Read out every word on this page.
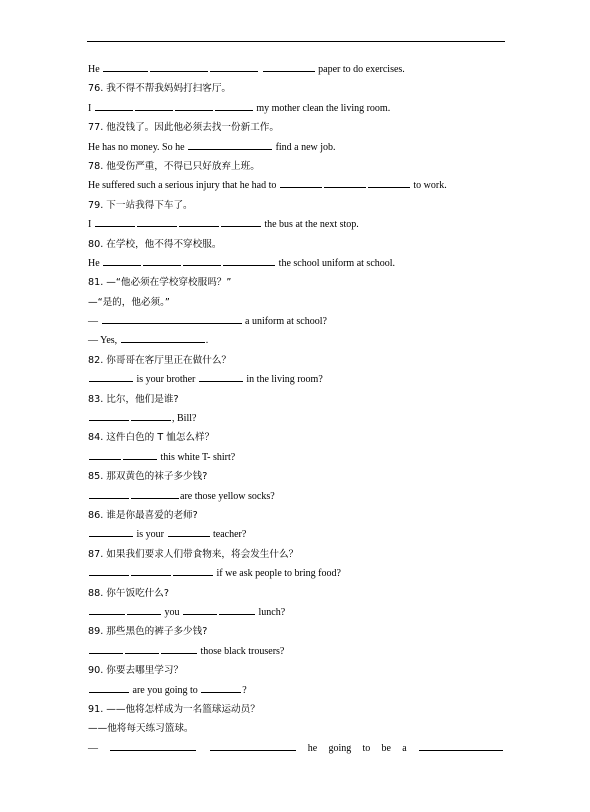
He	paper to do exercises.
76. 我不得不帮我妈妈打扫客厅。
I	my mother clean the living room.
77. 他没钱了。因此他必须去找一份新工作。
He has no money. So he	find a new job.
78. 他受伤严重，不得已只好放弃上班。
He suffered such a serious injury that he had to	to work.
79. 下一站我得下车了。
I	the bus at the next stop.
80. 在学校，他不得不穿校服。
He	the school uniform at school.
81. —“他必须在学校穿校服吗？”
—“是的，他必须。”
—	a uniform at school?
— Yes,	.
82. 你哥哥在客厅里正在做什么？
is your brother	in the living room?
83. 比尔，他们是谁?
, Bill?
84. 这件白色的 T 恤怎么样？
this white T- shirt?
85. 那双黄色的袜子多少钱?
are those yellow socks?
86. 谁是你最喜爱的老师?
is your	teacher?
87. 如果我们要求人们带食物来，将会发生什么？
if we ask people to bring food?
88. 你午饭吃什么?
you	lunch?
89. 那些黑色的裤子多少钱?
those black trousers?
90. 你要去哪里学习？
are you going to	?
91. ——他将怎样成为一名篮球运动员？
——他将每天练习篮球。
—	he going to be a
